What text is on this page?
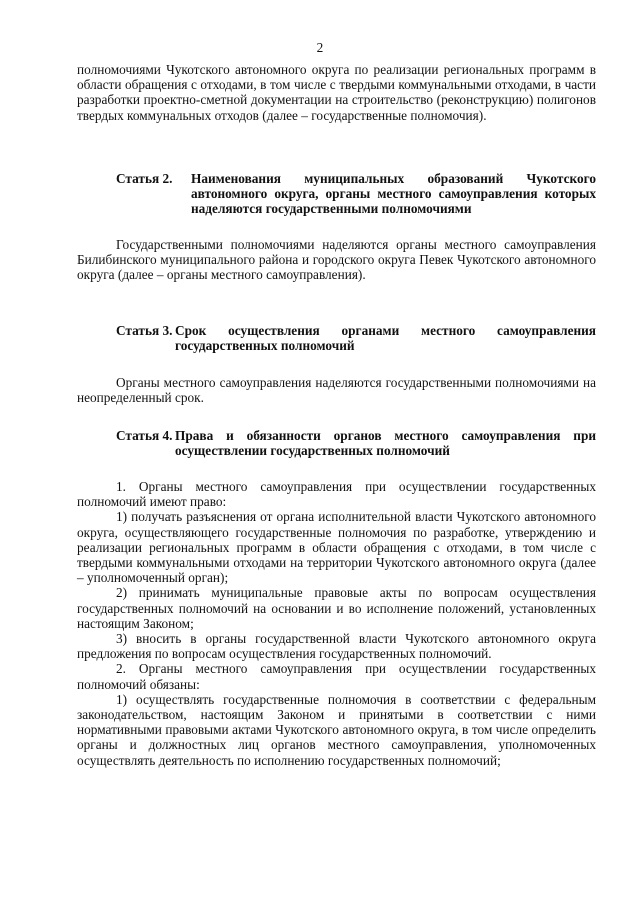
2

полномочиями Чукотского автономного округа по реализации региональных программ в области обращения с отходами, в том числе с твердыми коммунальными отходами, в части разработки проектно-сметной документации на строительство (реконструкцию) полигонов твердых коммунальных отходов (далее – государственные полномочия).

Статья 2. Наименования муниципальных образований Чукотского автономного округа, органы местного самоуправления которых наделяются государственными полномочиями

Государственными полномочиями наделяются органы местного самоуправления Билибинского муниципального района и городского округа Певек Чукотского автономного округа (далее – органы местного самоуправления).

Статья 3. Срок осуществления органами местного самоуправления государственных полномочий

Органы местного самоуправления наделяются государственными полномочиями на неопределенный срок.

Статья 4. Права и обязанности органов местного самоуправления при осуществлении государственных полномочий

1. Органы местного самоуправления при осуществлении государственных полномочий имеют право:

1) получать разъяснения от органа исполнительной власти Чукотского автономного округа, осуществляющего государственные полномочия по разработке, утверждению и реализации региональных программ в области обращения с отходами, в том числе с твердыми коммунальными отходами на территории Чукотского автономного округа (далее – уполномоченный орган);

2) принимать муниципальные правовые акты по вопросам осуществления государственных полномочий на основании и во исполнение положений, установленных настоящим Законом;

3) вносить в органы государственной власти Чукотского автономного округа предложения по вопросам осуществления государственных полномочий.

2. Органы местного самоуправления при осуществлении государственных полномочий обязаны:

1) осуществлять государственные полномочия в соответствии с федеральным законодательством, настоящим Законом и принятыми в соответствии с ними нормативными правовыми актами Чукотского автономного округа, в том числе определить органы и должностных лиц органов местного самоуправления, уполномоченных осуществлять деятельность по исполнению государственных полномочий;
